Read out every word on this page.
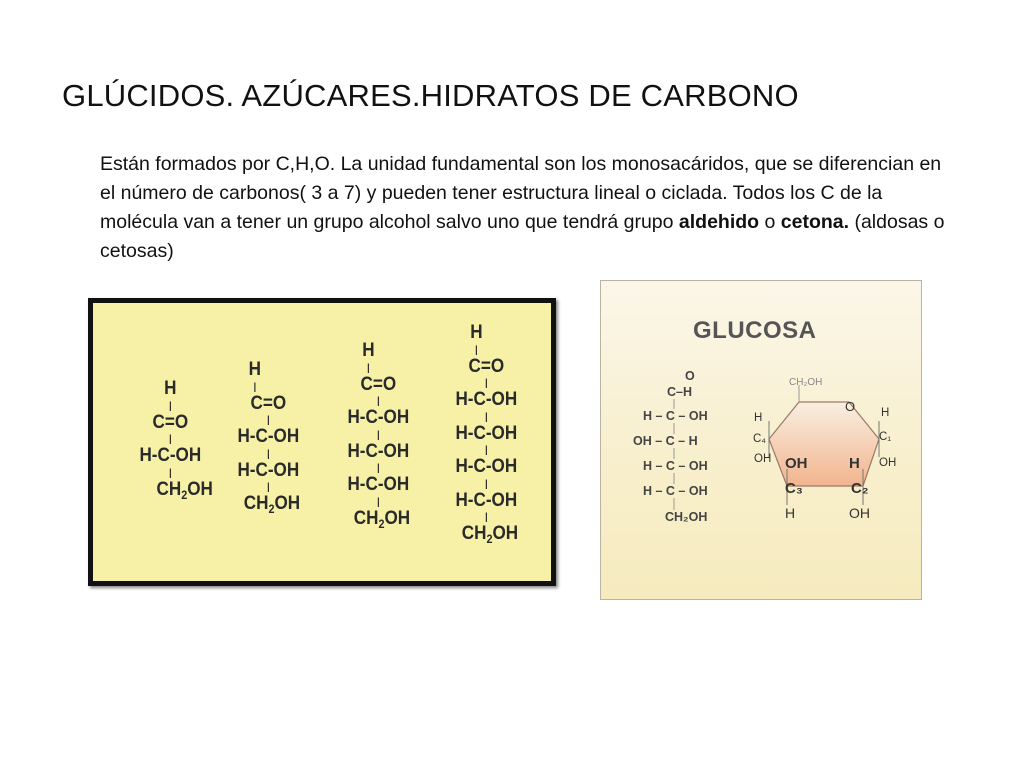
GLÚCIDOS. AZÚCARES.HIDRATOS DE CARBONO
Están formados por C,H,O. La unidad fundamental son los monosacáridos, que se diferencian en el número de carbonos( 3 a 7) y pueden tener estructura lineal o ciclada. Todos los C de la molécula van a tener un grupo alcohol salvo uno que tendrá grupo aldehido o cetona. (aldosas o cetosas)
H
I
C=O
I
H-C-OH
I
$CH_2OH$
H
I
C=O
I
H-C-OH
I
H-C-OH
I
$CH_2OH$
H
I
C=O
I
H-C-OH
I
H-C-OH
I
H-C-OH
I
$CH_2OH$
H
I
C=O
I
H-C-OH
I
H-C-OH
I
H-C-OH
I
H-C-OH
I
$CH_2OH$
GLUCOSA
O
C–H
H – C – OH
OH – C – H
H – C – OH
H – C – OH
CH₂OH
CH₂OH
O
H
C₄
OH
H
C₁
OH
OH
C₃
H
H
C₂
OH
